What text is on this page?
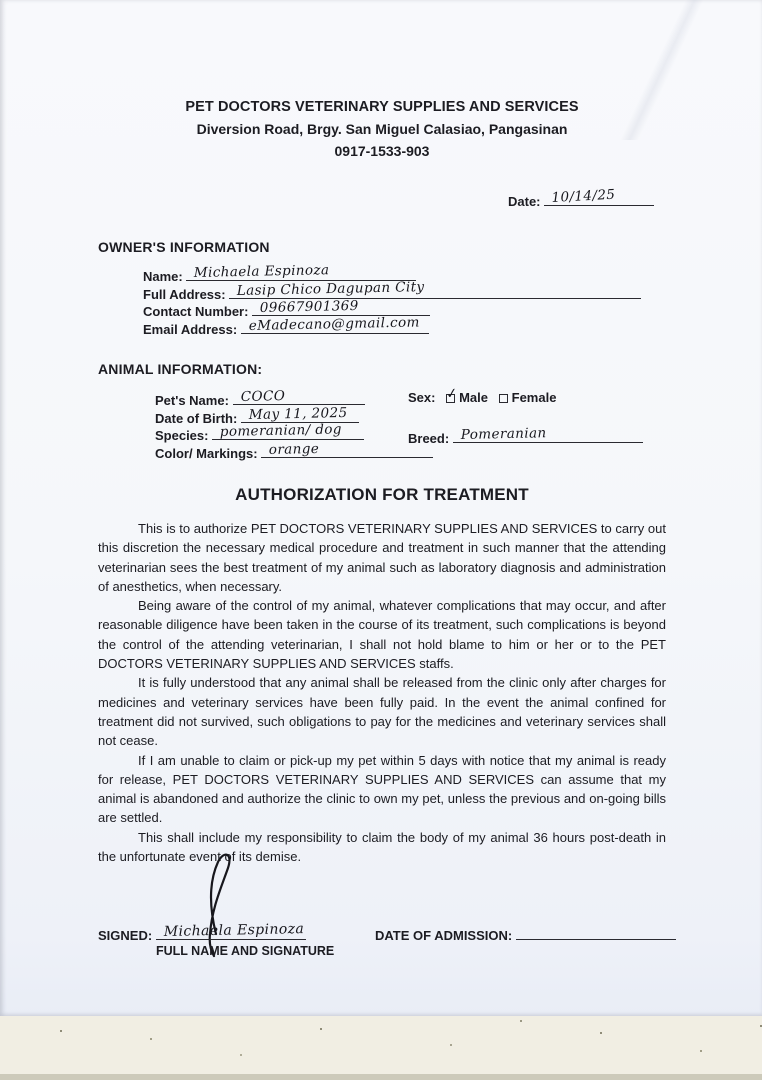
PET DOCTORS VETERINARY SUPPLIES AND SERVICES
Diversion Road, Brgy. San Miguel Calasiao, Pangasinan
0917-1533-903
Date: 10/14/25
OWNER'S INFORMATION
Name: Michaela Espinoza
Full Address: Lasip Chico Dagupan City
Contact Number: 09667901369
Email Address: eMadecano@gmail.com
ANIMAL INFORMATION:
Pet's Name: COCO
Date of Birth: May 11, 2025
Species: pomeranian/ dog
Color/ Markings: orange
Sex: ✓ Male Female
Breed: Pomeranian
AUTHORIZATION FOR TREATMENT

This is to authorize PET DOCTORS VETERINARY SUPPLIES AND SERVICES to carry out this discretion the necessary medical procedure and treatment in such manner that the attending veterinarian sees the best treatment of my animal such as laboratory diagnosis and administration of anesthetics, when necessary.

Being aware of the control of my animal, whatever complications that may occur, and after reasonable diligence have been taken in the course of its treatment, such complications is beyond the control of the attending veterinarian, I shall not hold blame to him or her or to the PET DOCTORS VETERINARY SUPPLIES AND SERVICES staffs.

It is fully understood that any animal shall be released from the clinic only after charges for medicines and veterinary services have been fully paid. In the event the animal confined for treatment did not survived, such obligations to pay for the medicines and veterinary services shall not cease.

If I am unable to claim or pick-up my pet within 5 days with notice that my animal is ready for release, PET DOCTORS VETERINARY SUPPLIES AND SERVICES can assume that my animal is abandoned and authorize the clinic to own my pet, unless the previous and on-going bills are settled.

This shall include my responsibility to claim the body of my animal 36 hours post-death in the unfortunate event of its demise.

SIGNED: Michaela Espinoza	DATE OF ADMISSION:
FULL NAME AND SIGNATURE
